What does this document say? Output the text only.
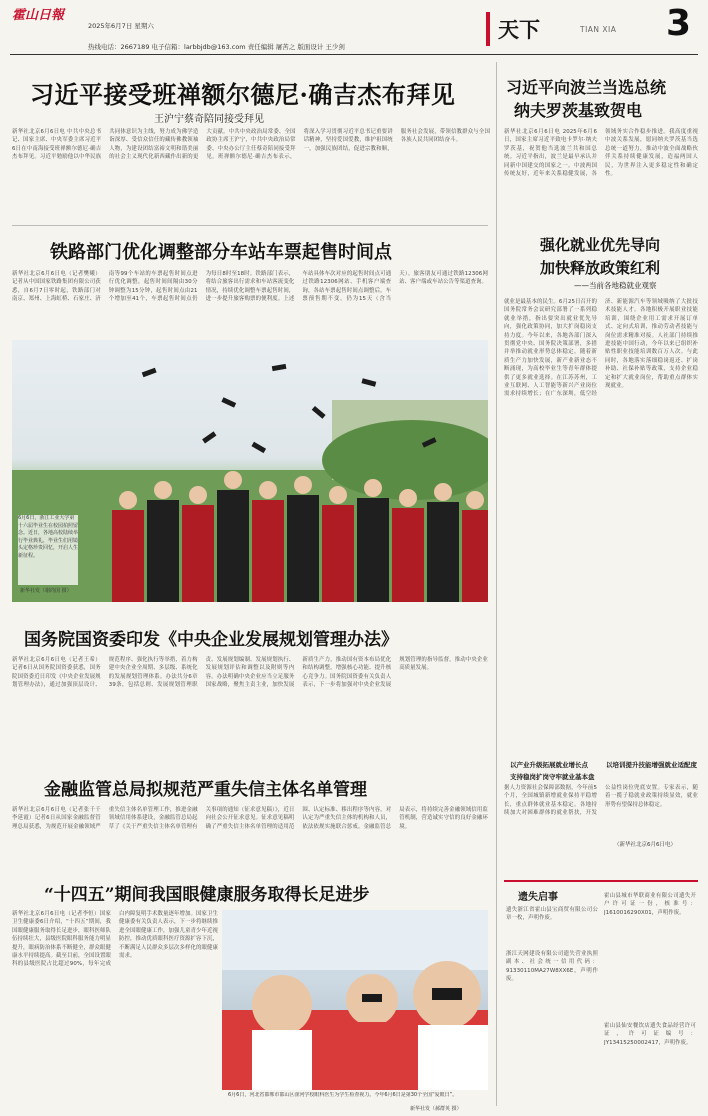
霍山日報
2025年6月7日 星期六
热线电话：2667189 电子信箱：larbbjdb@163.com 责任编辑 屠苦之 版面设计 王少剑
天下	TIAN XIA 3
习近平接受班禅额尔德尼·确吉杰布拜见
王沪宁蔡奇陪同接受拜见
新华社北京6月6日电 中共中央总书记、国家主席、中央军委主席习近平6日在中南海接受班禅额尔德尼·确吉杰布拜见。习近平勉励他以中华民族共同体意识为主线，努力成为佛学造诣深厚、受信众信任的藏传佛教领袖人物，为建设团结富裕文明和谐美丽的社会主义现代化新西藏作出新的更大贡献。中共中央政治局常委、全国政协主席王沪宁，中共中央政治局常委、中央办公厅主任蔡奇陪同接受拜见。班禅额尔德尼·确吉杰布表示，将深入学习贯彻习近平总书记重要讲话精神，坚持爱国爱教，维护祖国统一，加强民族团结，促进宗教和顺，服务社会发展，带领信教群众与全国各族人民共同团结奋斗。
习近平向波兰当选总统
纳夫罗茨基致贺电
新华社北京6月6日电 2025年6月6日，国家主席习近平致电卡罗尔·纳夫罗茨基，祝贺他当选波兰共和国总统。习近平指出，波兰是最早承认并同新中国建交的国家之一。中波两国传统友好，近年来关系稳健发展，各领域务实合作稳步推进。我高度重视中波关系发展，愿同纳夫罗茨基当选总统一道努力，推动中波全面战略伙伴关系持续健康发展，造福两国人民，为世界注入更多稳定性和确定性。
铁路部门优化调整部分车站车票起售时间点
新华社北京6月6日电（记者樊曦）记者从中国国家铁路集团有限公司获悉，自6月7日零时起，铁路部门对南京、郑州、上海虹桥、石家庄、济南等99个车站的车票起售时间点进行优化调整，起售时间间隔由30分钟调整为15分钟，起售时间点由21个增加至41个，车票起售时间点仍为每日8时至18时。铁路部门表示，将结合旅客出行需求和车站客流变化情况，持续优化调整车票起售时间，进一步提升旅客购票的便利度。上述车站具体车次对应的起售时间点可通过铁路12306网站、手机客户端查询，各站车票起售时间点调整后，车票预售期不变，仍为15天（含当天）。旅客朋友可通过铁路12306网站、客户端或车站公告等渠道查询。
强化就业优先导向
加快释放政策红利
——当前各地稳就业观察
就业是最基本的民生。6月25日召开的国务院常务会议研究部署了一系列稳就业举措，指出要突出就业优先导向，强化政策协同，加大扩岗稳岗支持力度。今年以来，各地各部门深入贯彻党中央、国务院决策部署，多措并举推动就业形势总体稳定。随着新质生产力加快发展，新产业新业态不断涌现，为高校毕业生等青年群体提供了更多就业选择。在江苏苏州，工业互联网、人工智能等新兴产业岗位需求持续增长；在广东深圳，低空经济、新能源汽车等领域吸纳了大批技术技能人才。各地积极开展职业技能培训，围绕企业用工需求开展订单式、定向式培训，推动劳动者技能与岗位需求精准对接。人社部门持续推进技能中国行动，今年以来已组织补贴性职业技能培训数百万人次。与此同时，各地落实落细稳岗返还、扩岗补助、社保补贴等政策，支持企业稳定和扩大就业岗位，帮助重点群体实现就业。
以产业升级拓展就业增长点	以培训提升技能增强就业适配度
支持稳岗扩岗守牢就业基本盘
据人力资源社会保障部数据，今年前5个月，全国城镇新增就业保持平稳增长，重点群体就业基本稳定。各地持续加大对困难群体的就业帮扶，开发公益性岗位兜底安置。专家表示，随着一揽子稳就业政策持续显效，就业形势有望保持总体稳定。
（新华社北京6月6日电）
6月6日，浙江工业大学第十六届毕业生在校园拍照留念。近日，各地高校陆续举行毕业典礼，毕业生们用镜头定格珍贵回忆，开启人生新征程。
新华社发（谢尚国 摄）
国务院国资委印发《中央企业发展规划管理办法》
新华社北京6月6日电（记者王希）记者6日从国务院国资委获悉，国务院国资委近日印发《中央企业发展规划管理办法》，通过加强顶层设计、规范程序、强化执行等举措，着力构建中央企业全周期、多层级、系统化的发展规划管理体系。办法共分6章39条，包括总则、发展规划管理职责、发展规划编制、发展规划执行、发展规划评估和调整以及附则等内容。办法明确中央企业应当立足服务国家战略，聚焦主责主业，加快发展新质生产力，推动国有资本布局优化和结构调整，增强核心功能、提升核心竞争力。国务院国资委有关负责人表示，下一步将加强对中央企业发展规划管理的指导监督，推动中央企业高质量发展。
金融监管总局拟规范严重失信主体名单管理
新华社北京6月6日电（记者张千千 李延霞）记者6日从国家金融监督管理总局获悉，为规范开展金融领域严重失信主体名单管理工作，推进金融领域信用体系建设，金融监管总局起草了《关于严重失信主体名单管理有关事项的通知（征求意见稿）》，近日向社会公开征求意见。征求意见稿明确了严重失信主体名单管理的适用范围、认定标准、移出程序等内容，对认定为严重失信主体的机构和人员，依法依规实施联合惩戒。金融监管总局表示，将持续完善金融领域信用监管机制，营造诚实守信的良好金融环境。
“十四五”期间我国眼健康服务取得长足进步
新华社北京6月6日电（记者李恒）国家卫生健康委6日介绍，“十四五”期间，我国眼健康服务取得长足进步，眼科医师队伍持续壮大，县级医院眼科服务能力明显提升，眼病防治体系不断健全，群众眼健康水平持续提高。截至目前，全国设置眼科的县级医院占比超过90%，每年完成白内障复明手术数量逐年增加。国家卫生健康委有关负责人表示，下一步将继续推进全国眼健康工作，加强儿童青少年近视防控，推动优质眼科医疗资源扩容下沉，不断满足人民群众多层次多样化的眼健康需求。
6月6日，河北省邯郸市邯山区滏河学校眼科医生为学生检查视力。今年6月6日是第30个全国“爱眼日”。
新华社发（郝群英 摄）
遗失启事
遗失浙江省霍山县宝商贸有限公司公章一枚，声明作废。
浙江天网建设有限公司遗失营业执照副本、社会统一信用代码：91330110MA27W8XX6E，声明作废。
霍山县城市华联商业有限公司遗失开户许可证一份，核准号：J1610016290X01，声明作废。
霍山县仙安餐饮店遗失食品经营许可证，许可证编号：JY13415250002417，声明作废。
